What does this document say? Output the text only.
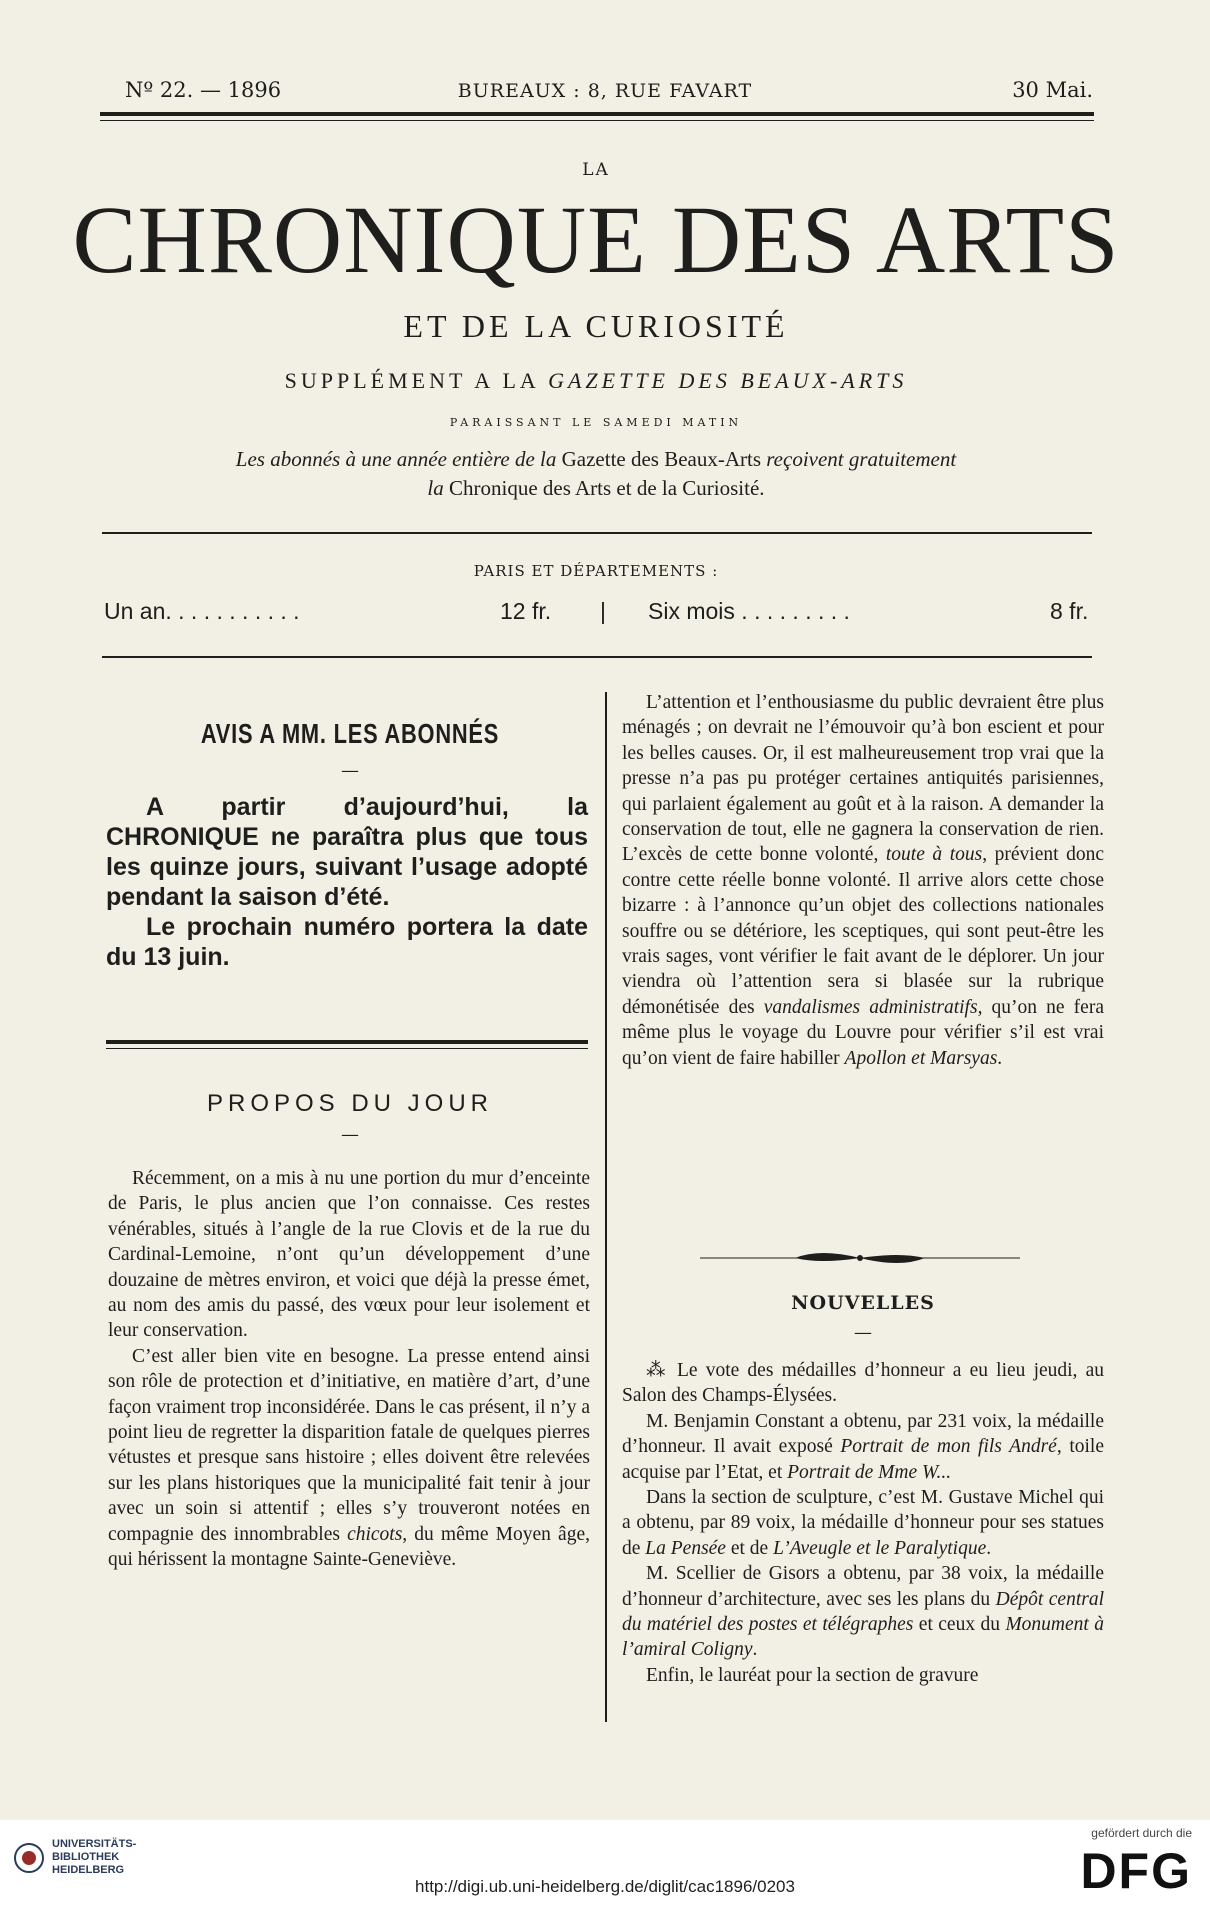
Nº 22. — 1896	BUREAUX : 8, RUE FAVART	30 Mai.
LA
CHRONIQUE DES ARTS
ET DE LA CURIOSITÉ
SUPPLÉMENT A LA GAZETTE DES BEAUX-ARTS
PARAISSANT LE SAMEDI MATIN
Les abonnés à une année entière de la Gazette des Beaux-Arts reçoivent gratuitement
la Chronique des Arts et de la Curiosité.
PARIS ET DÉPARTEMENTS :
Un an. . . . . . . . . . .	12 fr. | Six mois . . . . . . . . .	8 fr.
AVIS A MM. LES ABONNÉS
—

A partir d’aujourd’hui, la CHRONIQUE ne paraîtra plus que tous les quinze jours, suivant l’usage adopté pendant la saison d’été.

Le prochain numéro portera la date du 13 juin.

PROPOS DU JOUR
—

Récemment, on a mis à nu une portion du mur d’enceinte de Paris, le plus ancien que l’on connaisse. Ces restes vénérables, situés à l’angle de la rue Clovis et de la rue du Cardinal-Lemoine, n’ont qu’un développement d’une douzaine de mètres environ, et voici que déjà la presse émet, au nom des amis du passé, des vœux pour leur isolement et leur conservation.

C’est aller bien vite en besogne. La presse entend ainsi son rôle de protection et d’initiative, en matière d’art, d’une façon vraiment trop inconsidérée. Dans le cas présent, il n’y a point lieu de regretter la disparition fatale de quelques pierres vétustes et presque sans histoire ; elles doivent être relevées sur les plans historiques que la municipalité fait tenir à jour avec un soin si attentif ; elles s’y trouveront notées en compagnie des innombrables chicots, du même Moyen âge, qui hérissent la montagne Sainte-Geneviève.

L’attention et l’enthousiasme du public devraient être plus ménagés ; on devrait ne l’émouvoir qu’à bon escient et pour les belles causes. Or, il est malheureusement trop vrai que la presse n’a pas pu protéger certaines antiquités parisiennes, qui parlaient également au goût et à la raison. A demander la conservation de tout, elle ne gagnera la conservation de rien. L’excès de cette bonne volonté, toute à tous, prévient donc contre cette réelle bonne volonté. Il arrive alors cette chose bizarre : à l’annonce qu’un objet des collections nationales souffre ou se détériore, les sceptiques, qui sont peut-être les vrais sages, vont vérifier le fait avant de le déplorer. Un jour viendra où l’attention sera si blasée sur la rubrique démonétisée des vandalismes administratifs, qu’on ne fera même plus le voyage du Louvre pour vérifier s’il est vrai qu’on vient de faire habiller Apollon et Marsyas.

NOUVELLES
—

⁂ Le vote des médailles d’honneur a eu lieu jeudi, au Salon des Champs-Élysées.

M. Benjamin Constant a obtenu, par 231 voix, la médaille d’honneur. Il avait exposé Portrait de mon fils André, toile acquise par l’Etat, et Portrait de Mme W...

Dans la section de sculpture, c’est M. Gustave Michel qui a obtenu, par 89 voix, la médaille d’honneur pour ses statues de La Pensée et de L’Aveugle et le Paralytique.

M. Scellier de Gisors a obtenu, par 38 voix, la médaille d’honneur d’architecture, avec ses les plans du Dépôt central du matériel des postes et télégraphes et ceux du Monument à l’amiral Coligny.

Enfin, le lauréat pour la section de gravure

UNIVERSITÄTS-
BIBLIOTHEK
HEIDELBERG
http://digi.ub.uni-heidelberg.de/diglit/cac1896/0203
gefördert durch die
DFG
